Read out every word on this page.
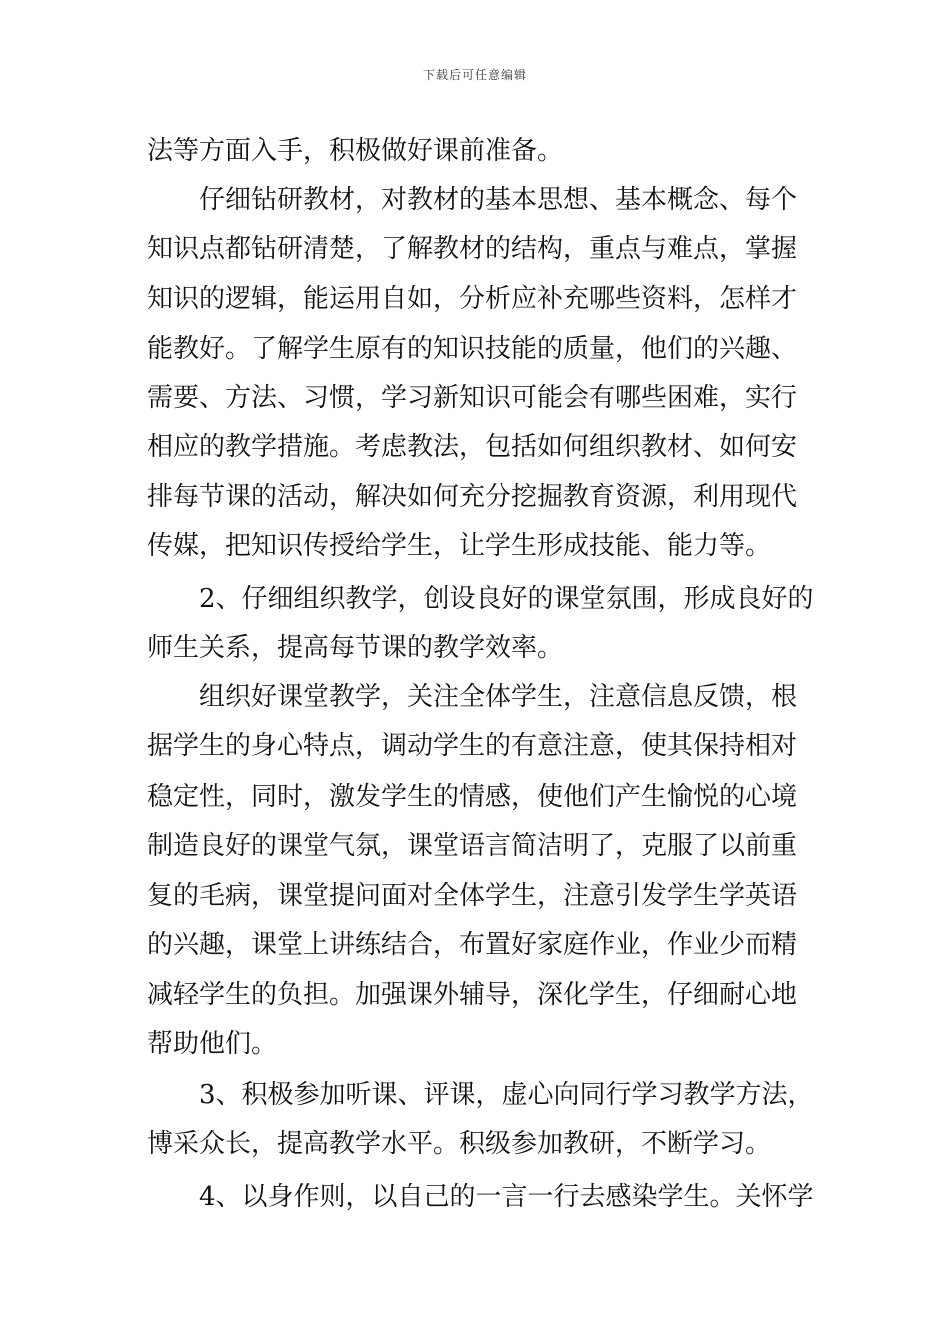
下载后可任意编辑
法等方面入手，积极做好课前准备。
仔细钻研教材，对教材的基本思想、基本概念、每个
知识点都钻研清楚，了解教材的结构，重点与难点，掌握
知识的逻辑，能运用自如，分析应补充哪些资料，怎样才
能教好。了解学生原有的知识技能的质量，他们的兴趣、
需要、方法、习惯，学习新知识可能会有哪些困难，实行
相应的教学措施。考虑教法，包括如何组织教材、如何安
排每节课的活动，解决如何充分挖掘教育资源，利用现代
传媒，把知识传授给学生，让学生形成技能、能力等。
2、仔细组织教学，创设良好的课堂氛围，形成良好的
师生关系，提高每节课的教学效率。
组织好课堂教学，关注全体学生，注意信息反馈，根
据学生的身心特点，调动学生的有意注意，使其保持相对
稳定性，同时，激发学生的情感，使他们产生愉悦的心境
制造良好的课堂气氛，课堂语言简洁明了，克服了以前重
复的毛病，课堂提问面对全体学生，注意引发学生学英语
的兴趣，课堂上讲练结合，布置好家庭作业，作业少而精
减轻学生的负担。加强课外辅导，深化学生，仔细耐心地
帮助他们。
3、积极参加听课、评课，虚心向同行学习教学方法，
博采众长，提高教学水平。积级参加教研，不断学习。
4、以身作则，以自己的一言一行去感染学生。关怀学
